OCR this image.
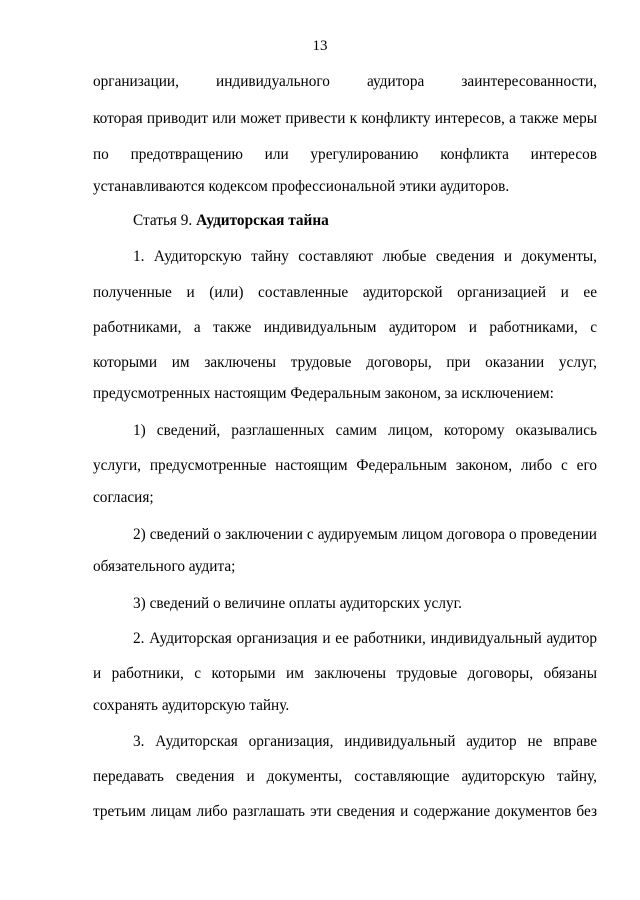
13
организации, индивидуального аудитора заинтересованности,
которая приводит или может привести к конфликту интересов, а также меры
по предотвращению или урегулированию конфликта интересов
устанавливаются кодексом профессиональной этики аудиторов.
Статья 9. Аудиторская тайна
1. Аудиторскую тайну составляют любые сведения и документы,
полученные и (или) составленные аудиторской организацией и ее
работниками, а также индивидуальным аудитором и работниками, с
которыми им заключены трудовые договоры, при оказании услуг,
предусмотренных настоящим Федеральным законом, за исключением:
1) сведений, разглашенных самим лицом, которому оказывались
услуги, предусмотренные настоящим Федеральным законом, либо с его
согласия;
2) сведений о заключении с аудируемым лицом договора о проведении
обязательного аудита;
3) сведений о величине оплаты аудиторских услуг.
2. Аудиторская организация и ее работники, индивидуальный аудитор
и работники, с которыми им заключены трудовые договоры, обязаны
сохранять аудиторскую тайну.
3. Аудиторская организация, индивидуальный аудитор не вправе
передавать сведения и документы, составляющие аудиторскую тайну,
третьим лицам либо разглашать эти сведения и содержание документов без
